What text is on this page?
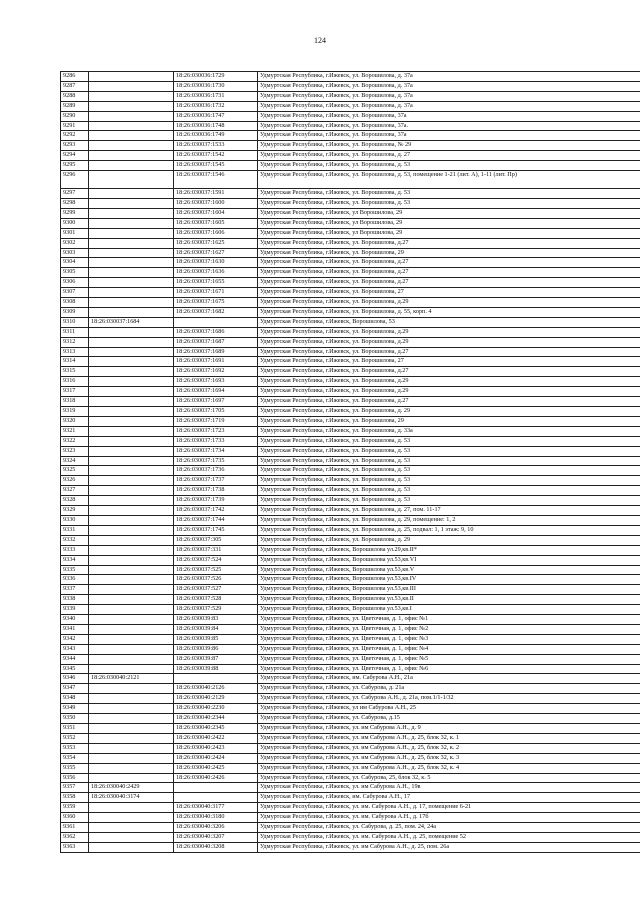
124
9286		18:26:030036:1729	Удмуртская Республика, г.Ижевск, ул. Ворошилова, д. 37а
9287		18:26:030036:1730	Удмуртская Республика, г.Ижевск, ул. Ворошилова, д. 37а
9288		18:26:030036:1731	Удмуртская Республика, г.Ижевск, ул. Ворошилова, д. 37а
9289		18:26:030036:1732	Удмуртская Республика, г.Ижевск, ул. Ворошилова, д. 37а
9290		18:26:030036:1747	Удмуртская Республика, г.Ижевск, ул. Ворошилова, 37а
9291		18:26:030036:1748	Удмуртская Республика, г.Ижевск, ул. Ворошилова, 37а.
9292		18:26:030036:1749	Удмуртская Республика, г.Ижевск, ул. Ворошилова, 37а
9293		18:26:030037:1533	Удмуртская Республика, г.Ижевск, ул. Ворошилова, № 29
9294		18:26:030037:1542	Удмуртская Республика, г.Ижевск, ул. Ворошилова, д. 27
9295		18:26:030037:1545	Удмуртская Республика, г.Ижевск, ул. Ворошилова, д. 53
9296		18:26:030037:1546	Удмуртская Республика, г.Ижевск, ул. Ворошилова, д. 53, помещение 1-21 (лит. А), 1-11 (лит. Пр)
9297		18:26:030037:1591	Удмуртская Республика, г.Ижевск, ул. Ворошилова, д. 53
9298		18:26:030037:1600	Удмуртская Республика, г.Ижевск, ул. Ворошилова, д. 53
9299		18:26:030037:1604	Удмуртская Республика, г.Ижевск, ул Ворошилова, 29
9300		18:26:030037:1605	Удмуртская Республика, г.Ижевск, ул Ворошилова, 29
9301		18:26:030037:1606	Удмуртская Республика, г.Ижевск, ул Ворошилова, 29
9302		18:26:030037:1625	Удмуртская Республика, г.Ижевск, ул. Ворошилова, д.27
9303		18:26:030037:1627	Удмуртская Республика, г.Ижевск, ул. Ворошилова, 29
9304		18:26:030037:1630	Удмуртская Республика, г.Ижевск, ул. Ворошилова, д.27
9305		18:26:030037:1636	Удмуртская Республика, г.Ижевск, ул. Ворошилова, д.27
9306		18:26:030037:1655	Удмуртская Республика, г.Ижевск, ул. Ворошилова, д.27
9307		18:26:030037:1671	Удмуртская Республика, г.Ижевск, ул. Ворошилова, 27
9308		18:26:030037:1675	Удмуртская Республика, г.Ижевск, ул. Ворошилова, д.29
9309		18:26:030037:1682	Удмуртская Республика, г.Ижевск, ул. Ворошилова, д. 55, корп. 4
9310	18:26:030037:1684		Удмуртская Республика, г.Ижевск, Ворошилова, 53
9311		18:26:030037:1686	Удмуртская Республика, г.Ижевск, ул. Ворошилова, д.29
9312		18:26:030037:1687	Удмуртская Республика, г.Ижевск, ул. Ворошилова, д.29
9313		18:26:030037:1689	Удмуртская Республика, г.Ижевск, ул. Ворошилова, д.27
9314		18:26:030037:1691	Удмуртская Республика, г.Ижевск, ул. Ворошилова, 27
9315		18:26:030037:1692	Удмуртская Республика, г.Ижевск, ул. Ворошилова, д.27
9316		18:26:030037:1693	Удмуртская Республика, г.Ижевск, ул. Ворошилова, д.29
9317		18:26:030037:1694	Удмуртская Республика, г.Ижевск, ул. Ворошилова, д.29
9318		18:26:030037:1697	Удмуртская Республика, г.Ижевск, ул. Ворошилова, д.27
9319		18:26:030037:1705	Удмуртская Республика, г.Ижевск, ул. Ворошилова, д. 29
9320		18:26:030037:1719	Удмуртская Республика, г.Ижевск, ул. Ворошилова, 29
9321		18:26:030037:1723	Удмуртская Республика, г.Ижевск, ул. Ворошилова, д. 33а
9322		18:26:030037:1733	Удмуртская Республика, г.Ижевск, ул. Ворошилова, д. 53
9323		18:26:030037:1734	Удмуртская Республика, г.Ижевск, ул. Ворошилова, д. 53
9324		18:26:030037:1735	Удмуртская Республика, г.Ижевск, ул. Ворошилова, д. 53
9325		18:26:030037:1736	Удмуртская Республика, г.Ижевск, ул. Ворошилова, д. 53
9326		18:26:030037:1737	Удмуртская Республика, г.Ижевск, ул. Ворошилова, д. 53
9327		18:26:030037:1738	Удмуртская Республика, г.Ижевск, ул. Ворошилова, д. 53
9328		18:26:030037:1739	Удмуртская Республика, г.Ижевск, ул. Ворошилова, д. 53
9329		18:26:030037:1742	Удмуртская Республика, г.Ижевск, ул. Ворошилова, д. 27, пом. 11-17
9330		18:26:030037:1744	Удмуртская Республика, г.Ижевск, ул. Ворошилова, д. 29, помещение: 1, 2
9331		18:26:030037:1745	Удмуртская Республика, г.Ижевск, ул. Ворошилова, д. 25, подвал: 1, 1 этаж: 9, 10
9332		18:26:030037:305	Удмуртская Республика, г.Ижевск, ул. Ворошилова, д. 29
9333		18:26:030037:331	Удмуртская Республика, г.Ижевск, Ворошилова ул.29,кв.II*
9334		18:26:030037:524	Удмуртская Республика, г.Ижевск, Ворошилова ул.53,кв.VI
9335		18:26:030037:525	Удмуртская Республика, г.Ижевск, Ворошилова ул.53,кв.V
9336		18:26:030037:526	Удмуртская Республика, г.Ижевск, Ворошилова ул.53,кв.IV
9337		18:26:030037:527	Удмуртская Республика, г.Ижевск, Ворошилова ул.53,кв.III
9338		18:26:030037:528	Удмуртская Республика, г.Ижевск, Ворошилова ул.53,кв.II
9339		18:26:030037:529	Удмуртская Республика, г.Ижевск, Ворошилова ул.53,кв.I
9340		18:26:030039:83	Удмуртская Республика, г.Ижевск, ул. Цветочная, д. 1, офис №1
9341		18:26:030039:84	Удмуртская Республика, г.Ижевск, ул. Цветочная, д. 1, офис №2
9342		18:26:030039:85	Удмуртская Республика, г.Ижевск, ул. Цветочная, д. 1, офис №3
9343		18:26:030039:86	Удмуртская Республика, г.Ижевск, ул. Цветочная, д. 1, офис №4
9344		18:26:030039:87	Удмуртская Республика, г.Ижевск, ул. Цветочная, д. 1, офис №5
9345		18:26:030039:88	Удмуртская Республика, г.Ижевск, ул. Цветочная, д. 1, офис №6
9346	18:26:030040:2121		Удмуртская Республика, г.Ижевск, им. Сабурова А.Н., 21а
9347		18:26:030040:2126	Удмуртская Республика, г.Ижевск, ул. Сабурова, д. 21а
9348		18:26:030040:2129	Удмуртская Республика, г.Ижевск, ул. Сабурова А.Н., д. 21а, пом.1/1-1/32
9349		18:26:030040:2230	Удмуртская Республика, г.Ижевск, ул им Сабурова А.Н., 25
9350		18:26:030040:2344	Удмуртская Республика, г.Ижевск, ул. Сабурова, д.15
9351		18:26:030040:2345	Удмуртская Республика, г.Ижевск, ул. им Сабурова А.Н., д. 9
9352		18:26:030040:2422	Удмуртская Республика, г.Ижевск, ул. им Сабурова А.Н., д. 25, блок 32, к. 1
9353		18:26:030040:2423	Удмуртская Республика, г.Ижевск, ул. им Сабурова А.Н., д. 25, блок 32, к. 2
9354		18:26:030040:2424	Удмуртская Республика, г.Ижевск, ул. им Сабурова А.Н., д. 25, блок 32, к. 3
9355		18:26:030040:2425	Удмуртская Республика, г.Ижевск, ул. им Сабурова А.Н., д. 25, блок 32, к. 4
9356		18:26:030040:2426	Удмуртская Республика, г.Ижевск, ул. Сабурова, 25, блок 32, к. 5
9357	18:26:030040:2429		Удмуртская Республика, г.Ижевск, ул. им Сабурова А.Н., 19в
9358	18:26:030040:3174		Удмуртская Республика, г.Ижевск, им. Сабурова А.Н., 17
9359		18:26:030040:3177	Удмуртская Республика, г.Ижевск, ул. им. Сабурова А.Н., д. 17, помещение 6-21
9360		18:26:030040:3180	Удмуртская Республика, г.Ижевск, ул. им. Сабурова А.Н., д. 17б
9361		18:26:030040:3206	Удмуртская Республика, г.Ижевск, ул. Сабурова, д. 25, пом. 24, 24а
9362		18:26:030040:3207	Удмуртская Республика, г.Ижевск, ул. им. Сабурова А.Н., д. 25, помещение 52
9363		18:26:030040:3208	Удмуртская Республика, г.Ижевск, ул. им Сабурова А.Н., д. 25, пом. 26а
